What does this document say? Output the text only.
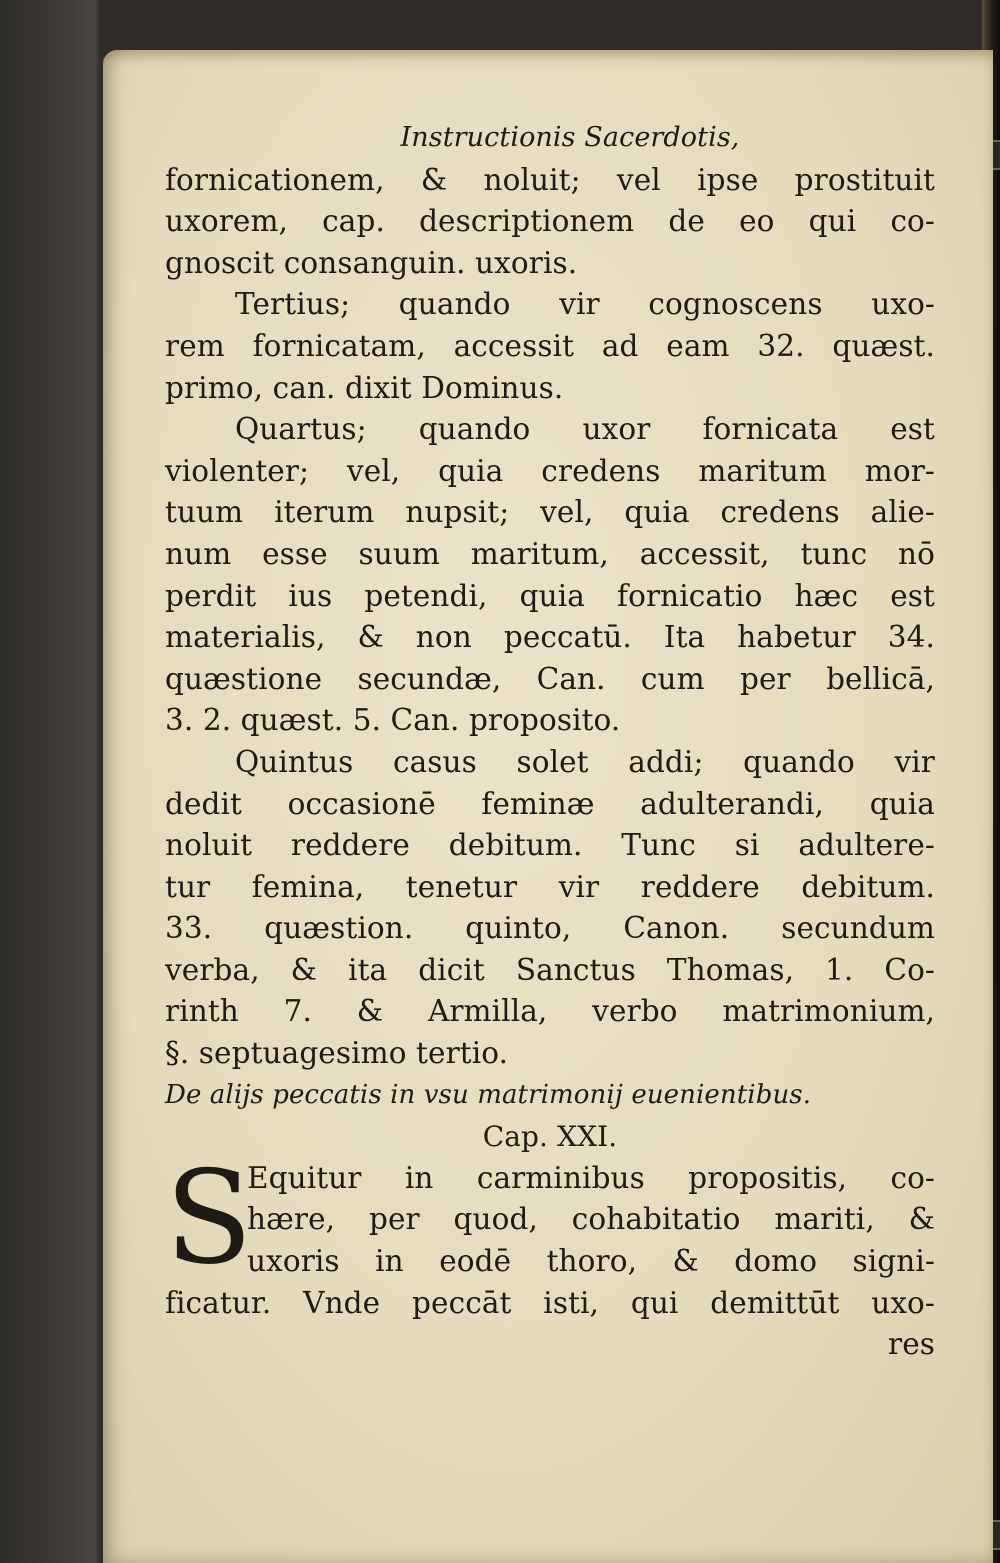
Instructionis Sacerdotis,
fornicationem, & noluit; vel ipse prostituit
uxorem, cap. descriptionem de eo qui co-
gnoscit consanguin. uxoris.
Tertius; quando vir cognoscens uxo-
rem fornicatam, accessit ad eam 32. quæst.
primo, can. dixit Dominus.
Quartus; quando uxor fornicata est
violenter; vel, quia credens maritum mor-
tuum iterum nupsit; vel, quia credens alie-
num esse suum maritum, accessit, tunc nō
perdit ius petendi, quia fornicatio hæc est
materialis, & non peccatū. Ita habetur 34.
quæstione secundæ, Can. cum per bellicā,
3. 2. quæst. 5. Can. proposito.
Quintus casus solet addi; quando vir
dedit occasionē feminæ adulterandi, quia
noluit reddere debitum. Tunc si adultere-
tur femina, tenetur vir reddere debitum.
33. quæstion. quinto, Canon. secundum
verba, & ita dicit Sanctus Thomas, 1. Co-
rinth 7. & Armilla, verbo matrimonium,
§. septuagesimo tertio.
De alijs peccatis in vsu matrimonij euenientibus.
Cap. XXI.
S
Equitur in carminibus propositis, co-
hære, per quod, cohabitatio mariti, &
uxoris in eodē thoro, & domo signi-
ficatur. Vnde peccāt isti, qui demittūt uxo-
res
